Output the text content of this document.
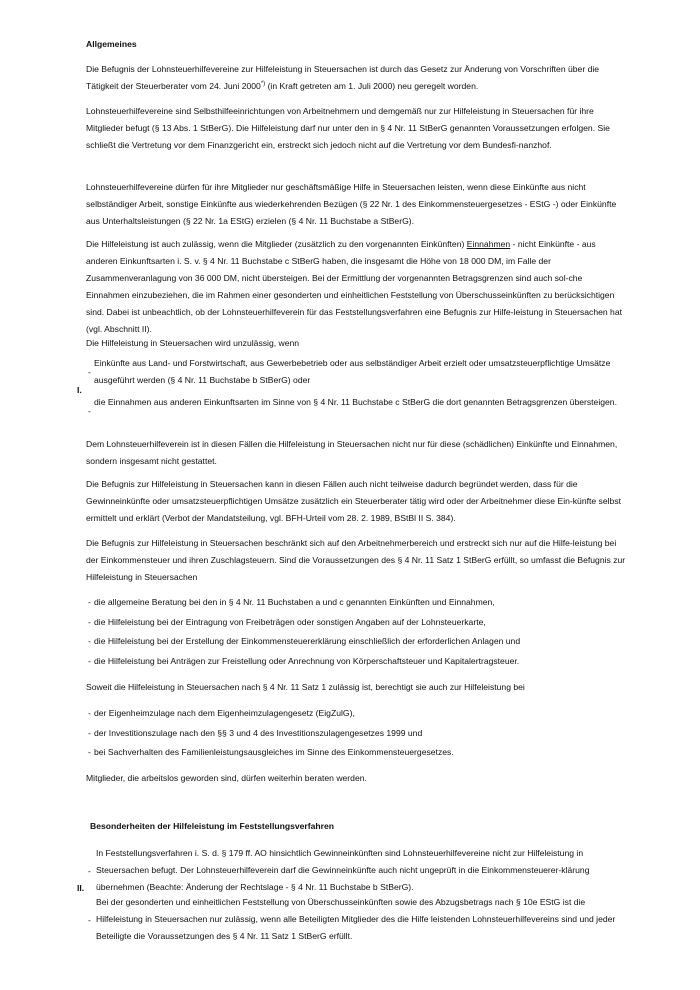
Allgemeines

Die Befugnis der Lohnsteuerhilfevereine zur Hilfeleistung in Steuersachen ist durch das Gesetz zur Änderung von Vorschriften über die Tätigkeit der Steuerberater vom 24. Juni 2000*) (in Kraft getreten am 1. Juli 2000) neu geregelt worden.

Lohnsteuerhilfevereine sind Selbsthilfeeinrichtungen von Arbeitnehmern und demgemäß nur zur Hilfeleistung in Steuersachen für ihre Mitglieder befugt (§ 13 Abs. 1 StBerG). Die Hilfeleistung darf nur unter den in § 4 Nr. 11 StBerG genannten Voraussetzungen erfolgen. Sie schließt die Vertretung vor dem Finanzgericht ein, erstreckt sich jedoch nicht auf die Vertretung vor dem Bundesfi-nanzhof.

Lohnsteuerhilfevereine dürfen für ihre Mitglieder nur geschäftsmäßige Hilfe in Steuersachen leisten, wenn diese Einkünfte aus nicht selbständiger Arbeit, sonstige Einkünfte aus wiederkehrenden Bezügen (§ 22 Nr. 1 des Einkommensteuergesetzes - EStG -) oder Einkünfte aus Unterhaltsleistungen (§ 22 Nr. 1a EStG) erzielen (§ 4 Nr. 11 Buchstabe a StBerG).

Die Hilfeleistung ist auch zulässig, wenn die Mitglieder (zusätzlich zu den vorgenannten Einkünften) Einnahmen - nicht Einkünfte - aus anderen Einkunftsarten i. S. v. § 4 Nr. 11 Buchstabe c StBerG haben, die insgesamt die Höhe von 18 000 DM, im Falle der Zusammenveranlagung von 36 000 DM, nicht übersteigen. Bei der Ermittlung der vorgenannten Betragsgrenzen sind auch sol-che Einnahmen einzubeziehen, die im Rahmen einer gesonderten und einheitlichen Feststellung von Überschusseinkünften zu berücksichtigen sind. Dabei ist unbeachtlich, ob der Lohnsteuerhilfeverein für das Feststellungsverfahren eine Befugnis zur Hilfe-leistung in Steuersachen hat (vgl. Abschnitt II).

Die Hilfeleistung in Steuersachen wird unzulässig, wenn

I.
-

Einkünfte aus Land- und Forstwirtschaft, aus Gewerbebetrieb oder aus selbständiger Arbeit erzielt oder umsatzsteuerpflichtige Umsätze ausgeführt werden (§ 4 Nr. 11 Buchstabe b StBerG) oder

-

die Einnahmen aus anderen Einkunftsarten im Sinne von § 4 Nr. 11 Buchstabe c StBerG die dort genannten Betragsgrenzen übersteigen.

Dem Lohnsteuerhilfeverein ist in diesen Fällen die Hilfeleistung in Steuersachen nicht nur für diese (schädlichen) Einkünfte und Einnahmen, sondern insgesamt nicht gestattet.

Die Befugnis zur Hilfeleistung in Steuersachen kann in diesen Fällen auch nicht teilweise dadurch begründet werden, dass für die Gewinneinkünfte oder umsatzsteuerpflichtigen Umsätze zusätzlich ein Steuerberater tätig wird oder der Arbeitnehmer diese Ein-künfte selbst ermittelt und erklärt (Verbot der Mandatsteilung, vgl. BFH-Urteil vom 28. 2. 1989, BStBl II S. 384).

Die Befugnis zur Hilfeleistung in Steuersachen beschränkt sich auf den Arbeitnehmerbereich und erstreckt sich nur auf die Hilfe-leistung bei der Einkommensteuer und ihren Zuschlagsteuern. Sind die Voraussetzungen des § 4 Nr. 11 Satz 1 StBerG erfüllt, so umfasst die Befugnis zur Hilfeleistung in Steuersachen

- die allgemeine Beratung bei den in § 4 Nr. 11 Buchstaben a und c genannten Einkünften und Einnahmen,
- die Hilfeleistung bei der Eintragung von Freibeträgen oder sonstigen Angaben auf der Lohnsteuerkarte,
- die Hilfeleistung bei der Erstellung der Einkommensteuererklärung einschließlich der erforderlichen Anlagen und
- die Hilfeleistung bei Anträgen zur Freistellung oder Anrechnung von Körperschaftsteuer und Kapitalertragsteuer.

Soweit die Hilfeleistung in Steuersachen nach § 4 Nr. 11 Satz 1 zulässig ist, berechtigt sie auch zur Hilfeleistung bei

- der Eigenheimzulage nach dem Eigenheimzulagengesetz (EigZulG),
- der Investitionszulage nach den §§ 3 und 4 des Investitionszulagengesetzes 1999 und
- bei Sachverhalten des Familienleistungsausgleiches im Sinne des Einkommensteuergesetzes.

Mitglieder, die arbeitslos geworden sind, dürfen weiterhin beraten werden.

Besonderheiten der Hilfeleistung im Feststellungsverfahren
II.
-

In Feststellungsverfahren i. S. d. § 179 ff. AO hinsichtlich Gewinneinkünften sind Lohnsteuerhilfevereine nicht zur Hilfeleistung in Steuersachen befugt. Der Lohnsteuerhilfeverein darf die Gewinneinkünfte auch nicht ungeprüft in die Einkommensteuerer-klärung übernehmen (Beachte: Änderung der Rechtslage - § 4 Nr. 11 Buchstabe b StBerG).

-

Bei der gesonderten und einheitlichen Feststellung von Überschusseinkünften sowie des Abzugsbetrags nach § 10e EStG ist die Hilfeleistung in Steuersachen nur zulässig, wenn alle Beteiligten Mitglieder des die Hilfe leistenden Lohnsteuerhilfevereins sind und jeder Beteiligte die Voraussetzungen des § 4 Nr. 11 Satz 1 StBerG erfüllt.
